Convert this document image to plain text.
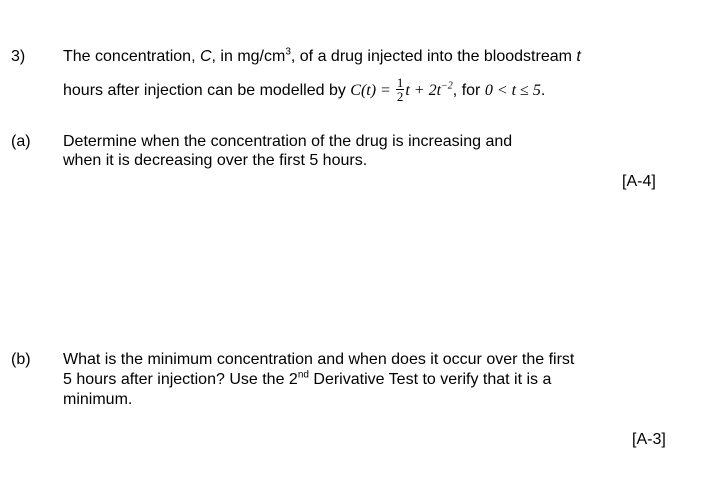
3) The concentration, C, in $mg/cm^3$, of a drug injected into the bloodstream t
hours after injection can be modelled by $C(t) = \frac{1}{2}$ $t + 2t^{-2}$, for 0 < t ≤ 5.
(a) Determine when the concentration of the drug is increasing and
when it is decreasing over the first 5 hours.
[A-4]
(b) What is the minimum concentration and when does it occur over the first
5 hours after injection? Use the 2nd Derivative Test to verify that it is a
minimum.
[A-3]
